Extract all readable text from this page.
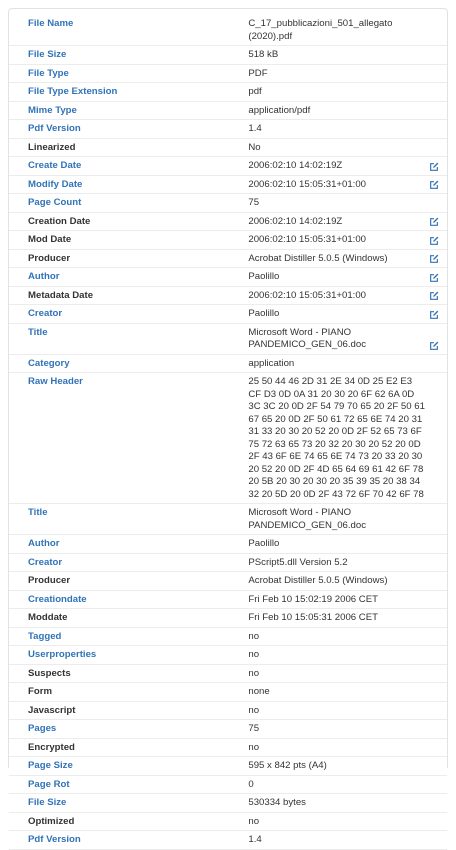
File Name	C_17_pubblicazioni_501_allegato (2020).pdf	
File Size	518 kB	
File Type	PDF	
File Type Extension	pdf	
Mime Type	application/pdf	
Pdf Version	1.4	
Linearized	No	
Create Date	2006:02:10 14:02:19Z	

Modify Date	2006:02:10 15:05:31+01:00	

Page Count	75	
Creation Date	2006:02:10 14:02:19Z	

Mod Date	2006:02:10 15:05:31+01:00	

Producer	Acrobat Distiller 5.0.5 (Windows)	

Author	Paolillo	

Metadata Date	2006:02:10 15:05:31+01:00	

Creator	Paolillo	

Title	Microsoft Word - PIANO PANDEMICO_GEN_06.doc	

Category	application	
Raw Header	25 50 44 46 2D 31 2E 34 0D 25 E2 E3 CF D3 0D 0A 31 20 30 20 6F 62 6A 0D 3C 3C 20 0D 2F 54 79 70 65 20 2F 50 61 67 65 20 0D 2F 50 61 72 65 6E 74 20 31 31 33 20 30 20 52 20 0D 2F 52 65 73 6F 75 72 63 65 73 20 32 20 30 20 52 20 0D 2F 43 6F 6E 74 65 6E 74 73 20 33 20 30 20 52 20 0D 2F 4D 65 64 69 61 42 6F 78 20 5B 20 30 20 30 20 35 39 35 20 38 34 32 20 5D 20 0D 2F 43 72 6F 70 42 6F 78	
Title	Microsoft Word - PIANO PANDEMICO_GEN_06.doc	
Author	Paolillo	
Creator	PScript5.dll Version 5.2	
Producer	Acrobat Distiller 5.0.5 (Windows)	
Creationdate	Fri Feb 10 15:02:19 2006 CET	
Moddate	Fri Feb 10 15:05:31 2006 CET	
Tagged	no	
Userproperties	no	
Suspects	no	
Form	none	
Javascript	no	
Pages	75	
Encrypted	no	
Page Size	595 x 842 pts (A4)	
Page Rot	0	
File Size	530334 bytes	
Optimized	no	
Pdf Version	1.4	
